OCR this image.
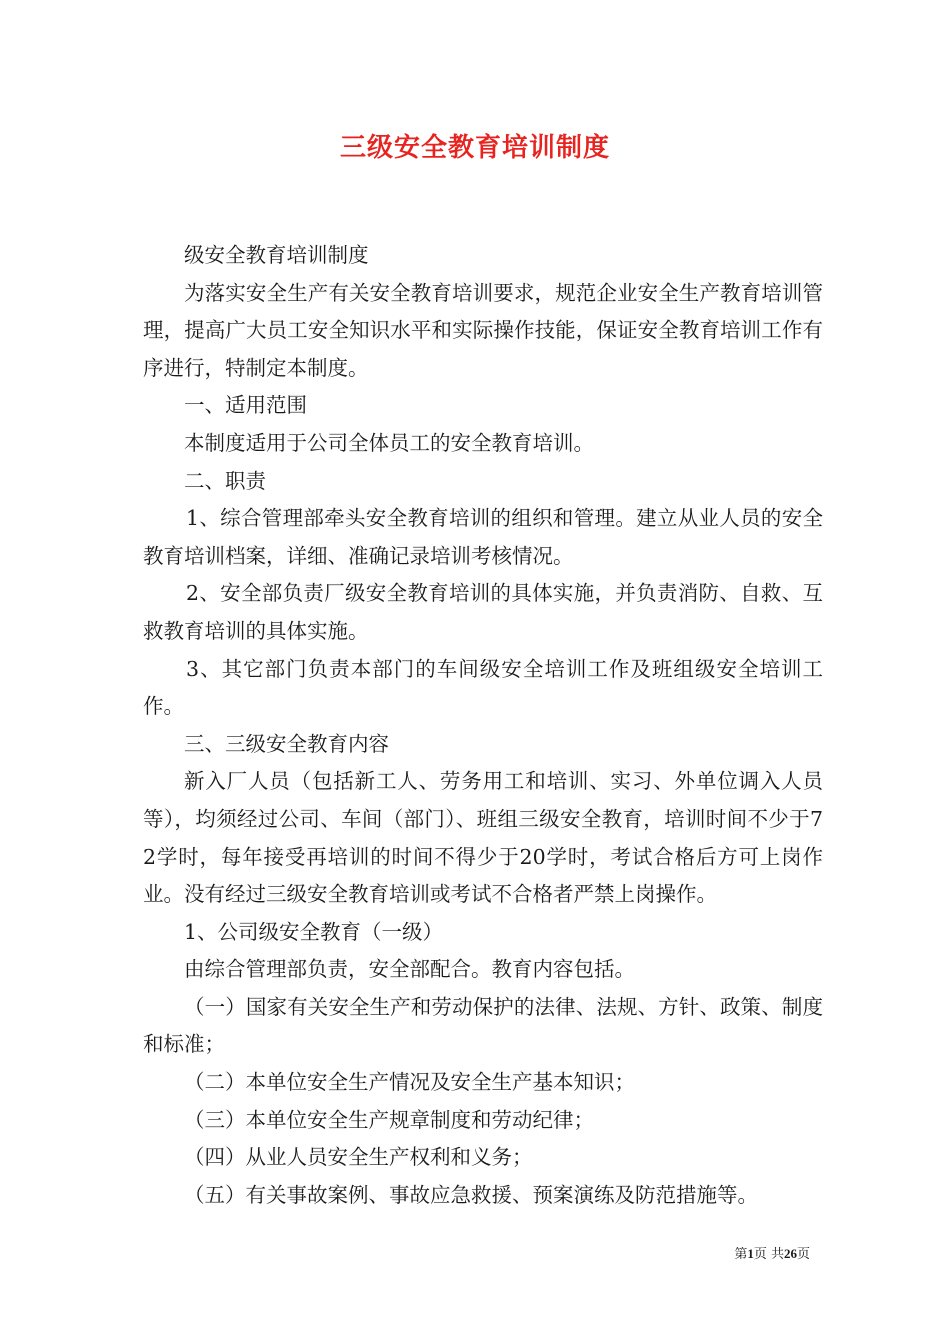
三级安全教育培训制度

级安全教育培训制度

为落实安全生产有关安全教育培训要求，规范企业安全生产教育培训管理，提高广大员工安全知识水平和实际操作技能，保证安全教育培训工作有序进行，特制定本制度。

一、适用范围

本制度适用于公司全体员工的安全教育培训。

二、职责

1、综合管理部牵头安全教育培训的组织和管理。建立从业人员的安全教育培训档案，详细、准确记录培训考核情况。

2、安全部负责厂级安全教育培训的具体实施，并负责消防、自救、互救教育培训的具体实施。

3、其它部门负责本部门的车间级安全培训工作及班组级安全培训工作。

三、三级安全教育内容

新入厂人员（包括新工人、劳务用工和培训、实习、外单位调入人员等），均须经过公司、车间（部门）、班组三级安全教育，培训时间不少于72学时，每年接受再培训的时间不得少于20学时，考试合格后方可上岗作业。没有经过三级安全教育培训或考试不合格者严禁上岗操作。

1、公司级安全教育（一级）

由综合管理部负责，安全部配合。教育内容包括。

（一）国家有关安全生产和劳动保护的法律、法规、方针、政策、制度和标准；

（二）本单位安全生产情况及安全生产基本知识；

（三）本单位安全生产规章制度和劳动纪律；

（四）从业人员安全生产权利和义务；

（五）有关事故案例、事故应急救援、预案演练及防范措施等。

第1页 共26页
